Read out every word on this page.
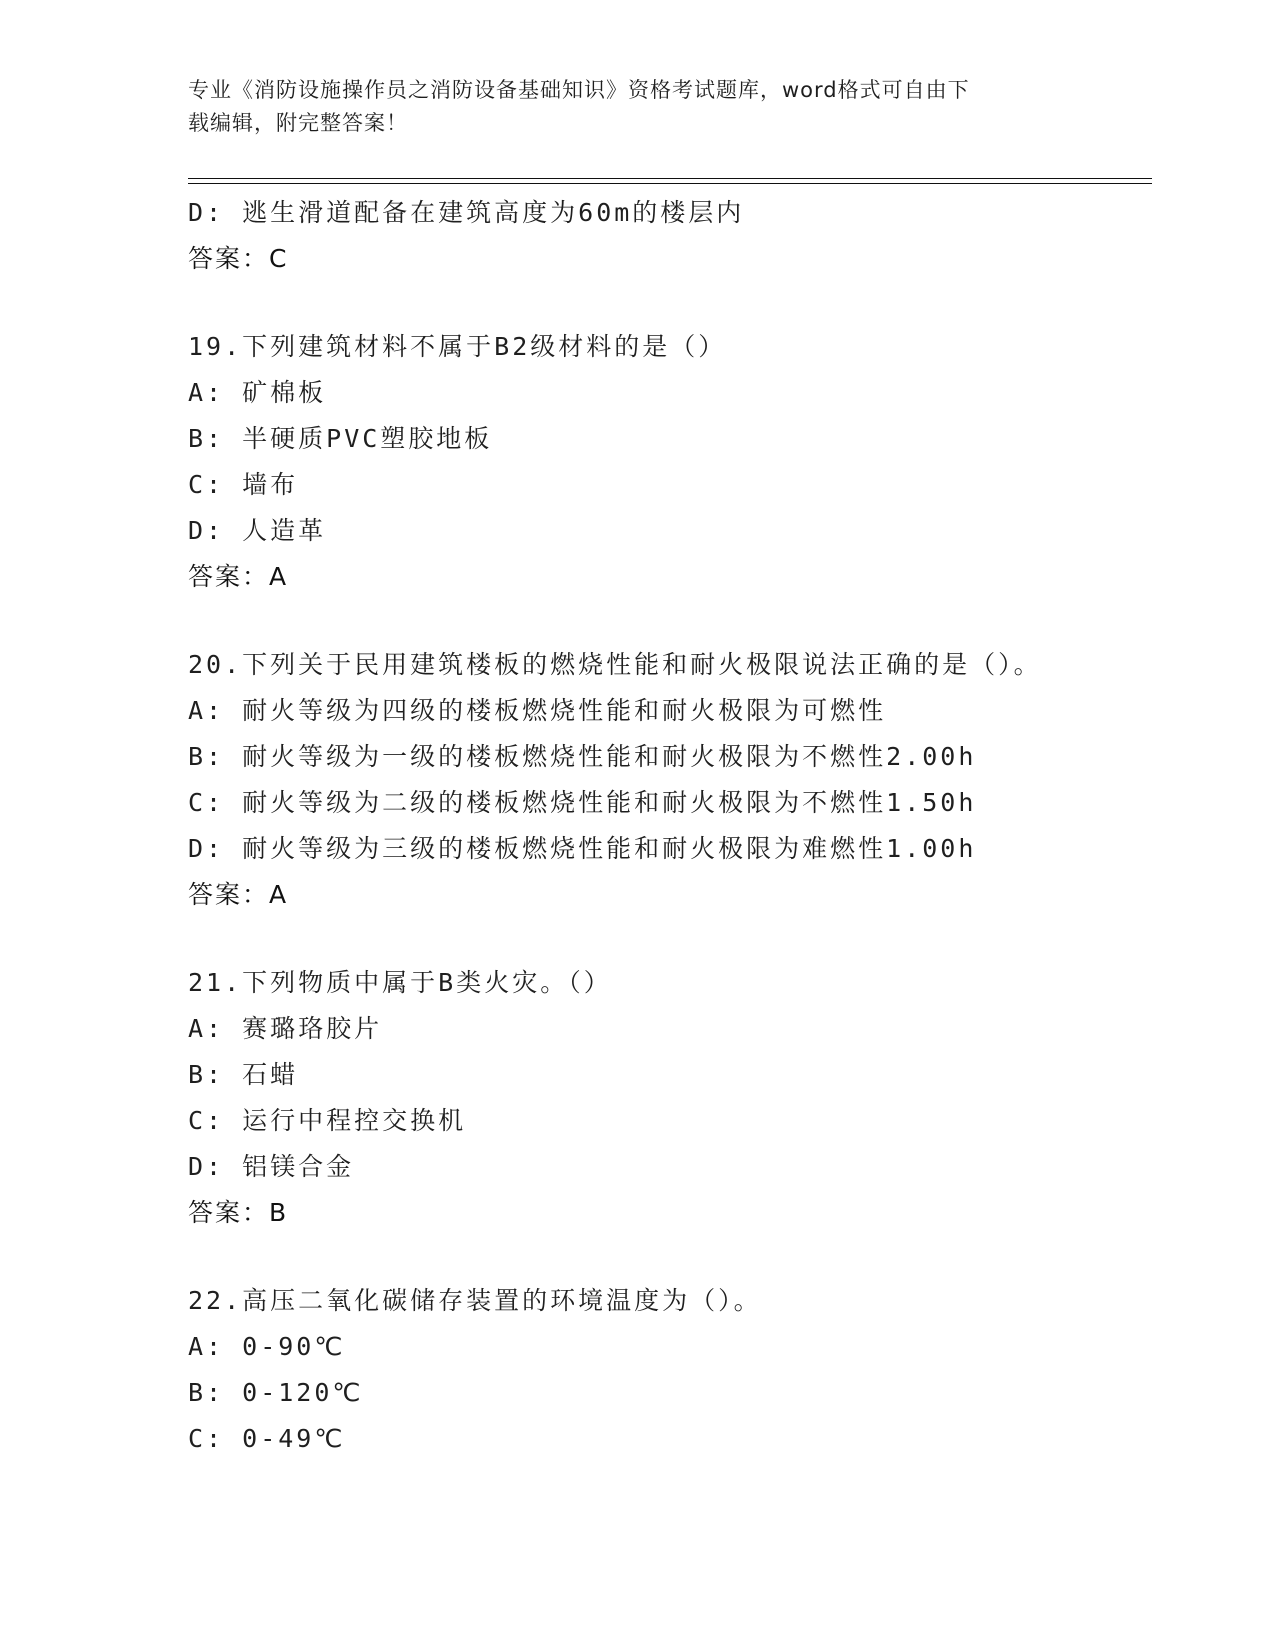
专业《消防设施操作员之消防设备基础知识》资格考试题库，word格式可自由下
载编辑，附完整答案！
D: 逃生滑道配备在建筑高度为60m的楼层内
答案：C
19.下列建筑材料不属于B2级材料的是（）
A: 矿棉板
B: 半硬质PVC塑胶地板
C: 墙布
D: 人造革
答案：A
20.下列关于民用建筑楼板的燃烧性能和耐火极限说法正确的是（）。
A: 耐火等级为四级的楼板燃烧性能和耐火极限为可燃性
B: 耐火等级为一级的楼板燃烧性能和耐火极限为不燃性2.00h
C: 耐火等级为二级的楼板燃烧性能和耐火极限为不燃性1.50h
D: 耐火等级为三级的楼板燃烧性能和耐火极限为难燃性1.00h
答案：A
21.下列物质中属于B类火灾。（）
A: 赛璐珞胶片
B: 石蜡
C: 运行中程控交换机
D: 铝镁合金
答案：B
22.高压二氧化碳储存装置的环境温度为（）。
A: 0-90℃
B: 0-120℃
C: 0-49℃
